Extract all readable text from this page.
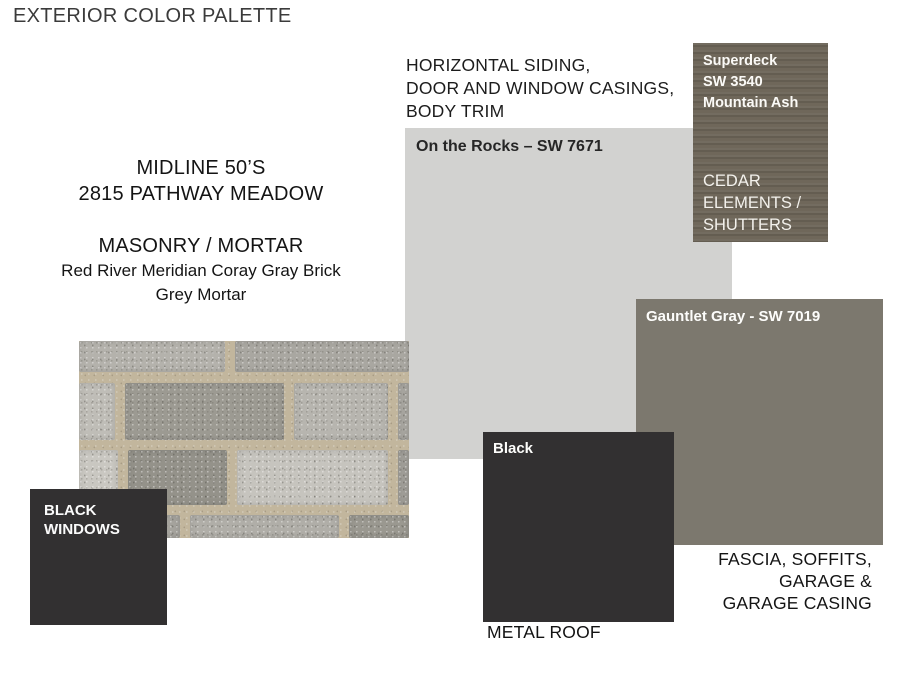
EXTERIOR COLOR PALETTE
HORIZONTAL SIDING,
DOOR AND WINDOW CASINGS,
BODY TRIM
MIDLINE 50’S
2815 PATHWAY MEADOW
MASONRY / MORTAR
Red River Meridian Coray Gray Brick
Grey Mortar
On the Rocks – SW 7671
Superdeck
SW 3540
Mountain Ash
CEDAR
ELEMENTS /
SHUTTERS
Gauntlet Gray - SW 7019
Black
METAL ROOF
BLACK
WINDOWS
FASCIA, SOFFITS,
GARAGE &
GARAGE CASING
